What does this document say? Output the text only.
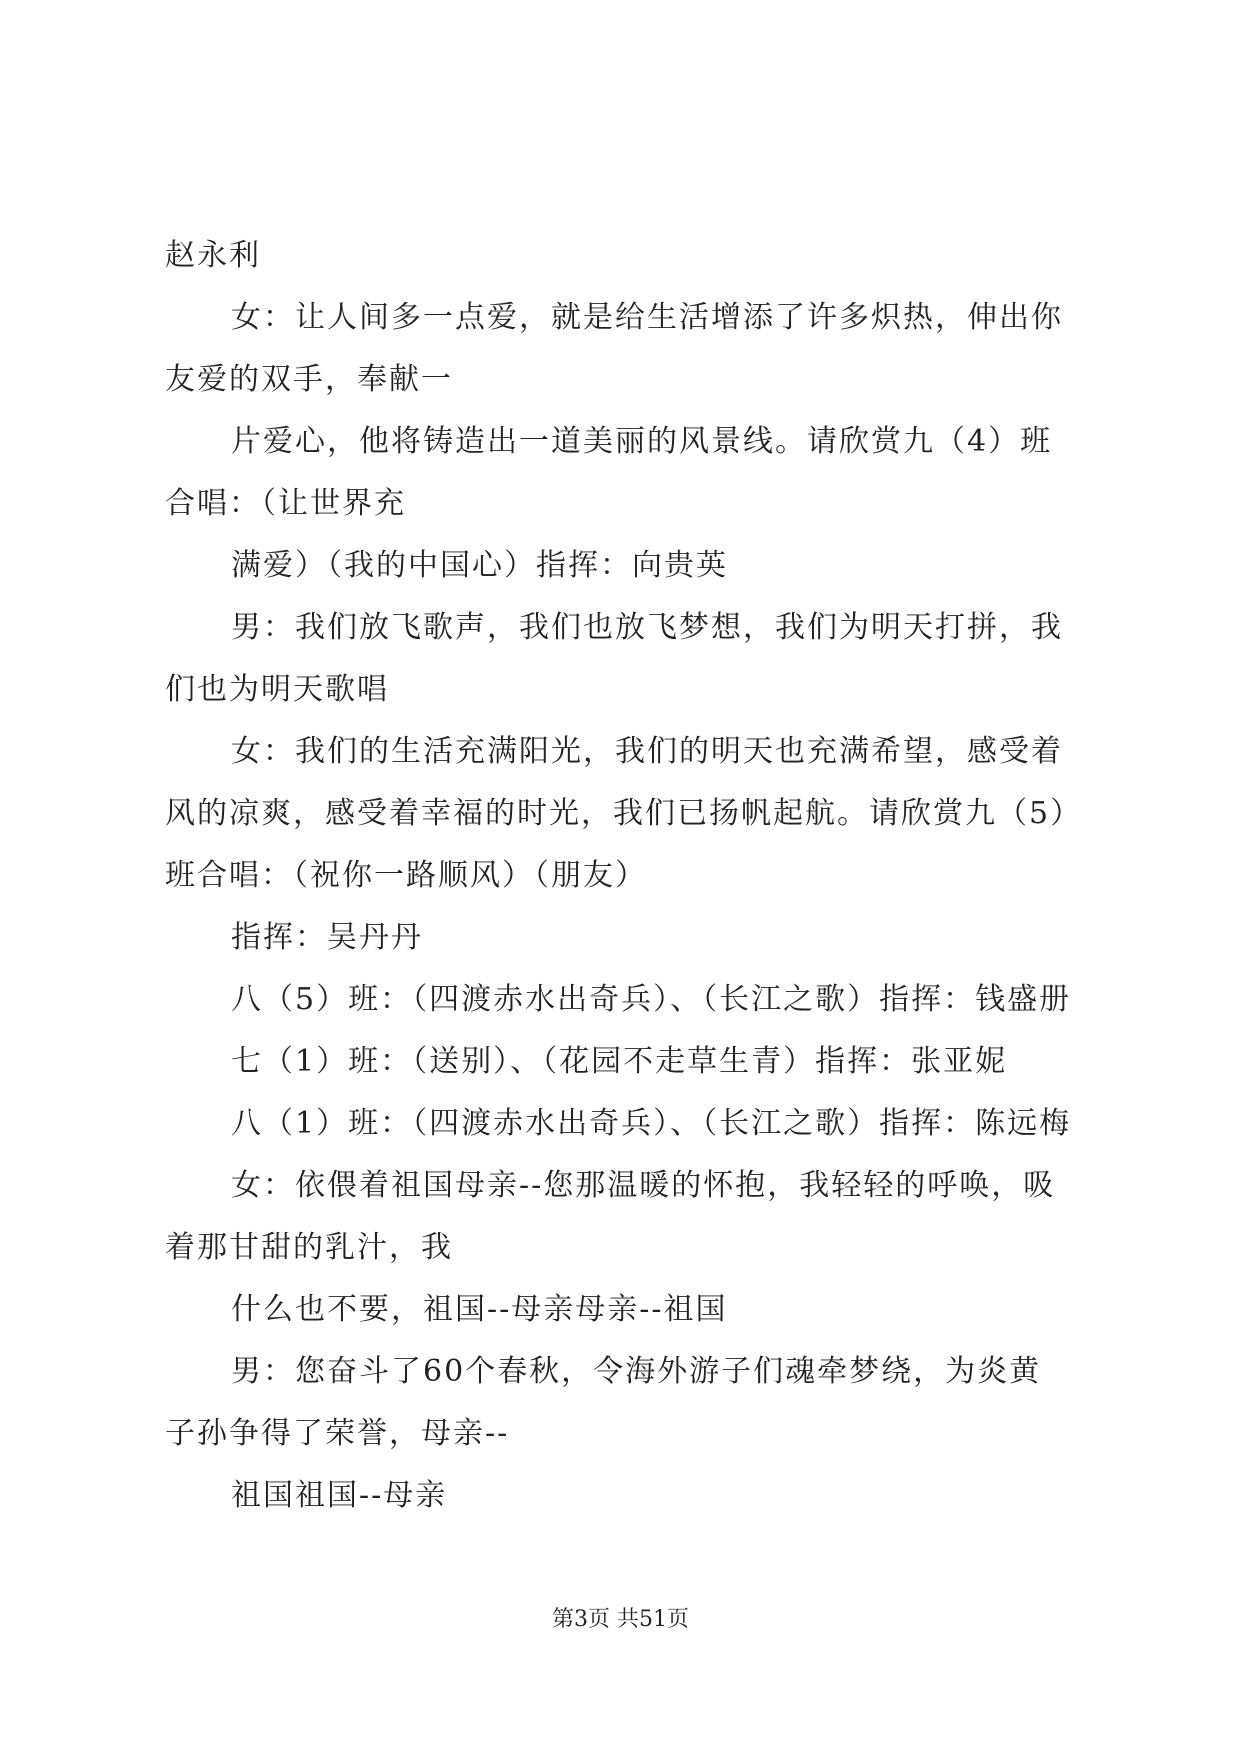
赵永利
女：让人间多一点爱，就是给生活增添了许多炽热，伸出你
友爱的双手，奉献一
片爱心，他将铸造出一道美丽的风景线。请欣赏九（4）班
合唱：（让世界充
满爱）（我的中国心）指挥：向贵英
男：我们放飞歌声，我们也放飞梦想，我们为明天打拼，我
们也为明天歌唱
女：我们的生活充满阳光，我们的明天也充满希望，感受着
风的凉爽，感受着幸福的时光，我们已扬帆起航。请欣赏九（5）
班合唱：（祝你一路顺风）（朋友）
指挥：吴丹丹
八（5）班：（四渡赤水出奇兵）、（长江之歌）指挥：钱盛册
七（1）班：（送别）、（花园不走草生青）指挥：张亚妮
八（1）班：（四渡赤水出奇兵）、（长江之歌）指挥：陈远梅
女：依偎着祖国母亲--您那温暖的怀抱，我轻轻的呼唤，吸
着那甘甜的乳汁，我
什么也不要，祖国--母亲母亲--祖国
男：您奋斗了60个春秋，令海外游子们魂牵梦绕，为炎黄
子孙争得了荣誉，母亲--
祖国祖国--母亲
第3页 共51页
